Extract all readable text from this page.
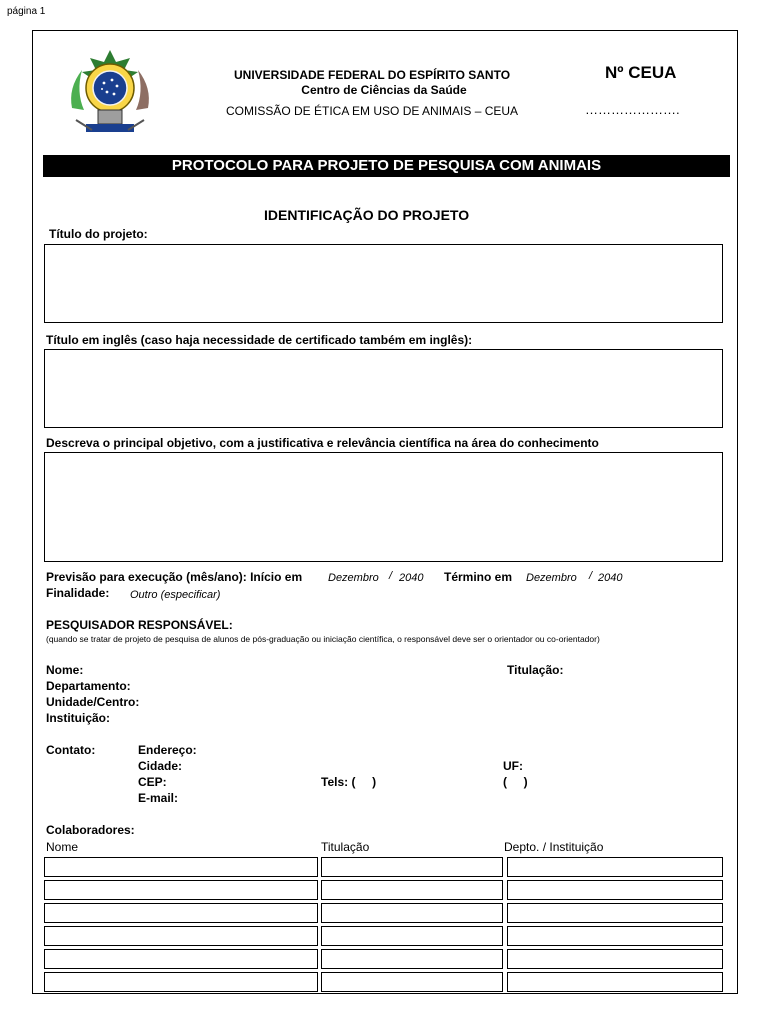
página 1
UNIVERSIDADE FEDERAL DO ESPÍRITO SANTO
Centro de Ciências da Saúde
COMISSÃO DE ÉTICA EM USO DE ANIMAIS – CEUA
Nº CEUA
………………….
PROTOCOLO PARA PROJETO DE PESQUISA COM ANIMAIS
IDENTIFICAÇÃO DO PROJETO
Título do projeto:
Título em inglês (caso haja necessidade de certificado também em inglês):
Descreva o principal objetivo, com a justificativa e relevância científica na área do conhecimento
Previsão para execução (mês/ano): Início em Dezembro / 2040 Término em Dezembro / 2040
Finalidade: Outro (especificar)
PESQUISADOR RESPONSÁVEL:
(quando se tratar de projeto de pesquisa de alunos de pós-graduação ou iniciação científica, o responsável deve ser o orientador ou co-orientador)
Nome:	Titulação:
Departamento:
Unidade/Centro:
Instituição:
Contato:	Endereço:
Cidade:	UF:
CEP:	Tels: (     )	(     )
E-mail:
Colaboradores:
Nome	Titulação	Depto. / Instituição
